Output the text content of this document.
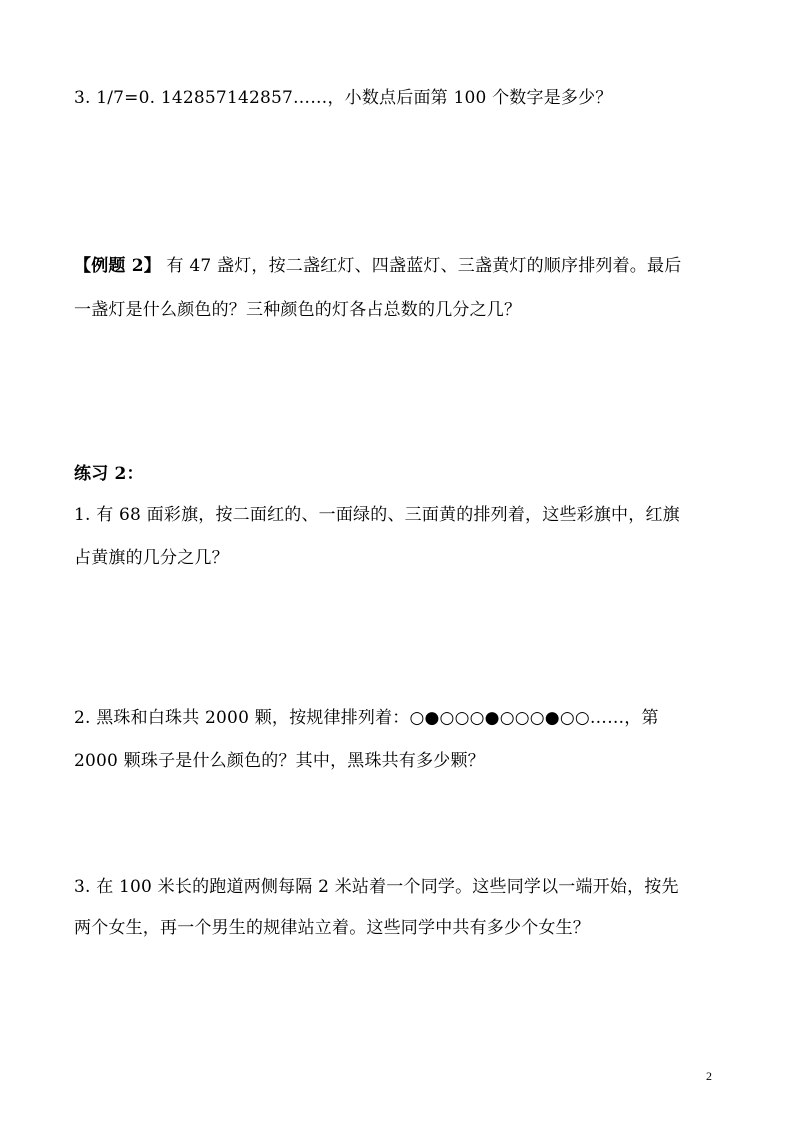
3. 1/7=0. 142857142857……，小数点后面第 100 个数字是多少？
【例题 2】 有 47 盏灯，按二盏红灯、四盏蓝灯、三盏黄灯的顺序排列着。最后
一盏灯是什么颜色的？三种颜色的灯各占总数的几分之几？
练习 2：
1. 有 68 面彩旗，按二面红的、一面绿的、三面黄的排列着，这些彩旗中，红旗
占黄旗的几分之几？
2. 黑珠和白珠共 2000 颗，按规律排列着：○●○○○●○○○●○○……，第
2000 颗珠子是什么颜色的？其中，黑珠共有多少颗？
3. 在 100 米长的跑道两侧每隔 2 米站着一个同学。这些同学以一端开始，按先
两个女生，再一个男生的规律站立着。这些同学中共有多少个女生？
2
